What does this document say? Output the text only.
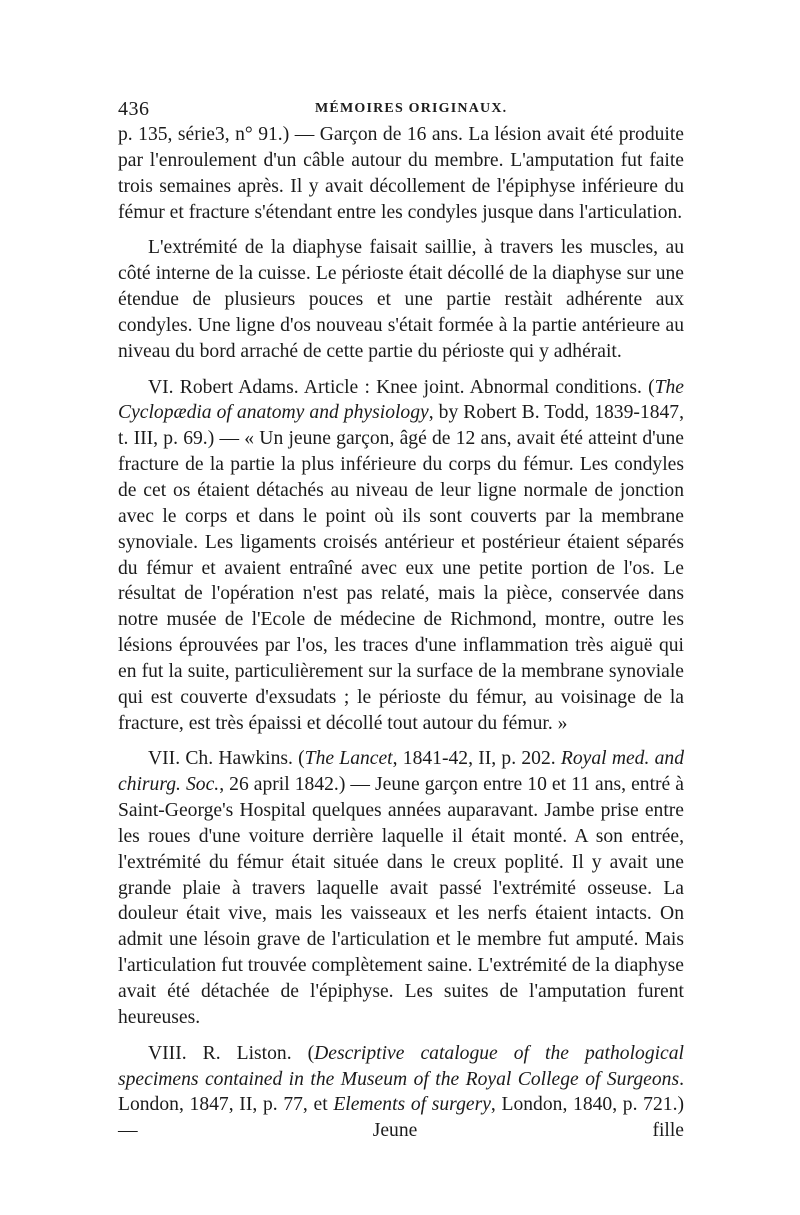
436	MÉMOIRES ORIGINAUX.

p. 135, série3, n° 91.) — Garçon de 16 ans. La lésion avait été produite par l'enroulement d'un câble autour du membre. L'amputation fut faite trois semaines après. Il y avait décollement de l'épiphyse inférieure du fémur et fracture s'étendant entre les condyles jusque dans l'articulation.

L'extrémité de la diaphyse faisait saillie, à travers les muscles, au côté interne de la cuisse. Le périoste était décollé de la diaphyse sur une étendue de plusieurs pouces et une partie restàit adhérente aux condyles. Une ligne d'os nouveau s'était formée à la partie antérieure au niveau du bord arraché de cette partie du périoste qui y adhérait.

VI. Robert Adams. Article : Knee joint. Abnormal conditions. (The Cyclopædia of anatomy and physiology, by Robert B. Todd, 1839-1847, t. III, p. 69.) — « Un jeune garçon, âgé de 12 ans, avait été atteint d'une fracture de la partie la plus inférieure du corps du fémur. Les condyles de cet os étaient détachés au niveau de leur ligne normale de jonction avec le corps et dans le point où ils sont couverts par la membrane synoviale. Les ligaments croisés antérieur et postérieur étaient séparés du fémur et avaient entraîné avec eux une petite portion de l'os. Le résultat de l'opération n'est pas relaté, mais la pièce, conservée dans notre musée de l'Ecole de médecine de Richmond, montre, outre les lésions éprouvées par l'os, les traces d'une inflammation très aiguë qui en fut la suite, particulièrement sur la surface de la membrane synoviale qui est couverte d'exsudats ; le périoste du fémur, au voisinage de la fracture, est très épaissi et décollé tout autour du fémur. »

VII. Ch. Hawkins. (The Lancet, 1841-42, II, p. 202. Royal med. and chirurg. Soc., 26 april 1842.) — Jeune garçon entre 10 et 11 ans, entré à Saint-George's Hospital quelques années auparavant. Jambe prise entre les roues d'une voiture derrière laquelle il était monté. A son entrée, l'extrémité du fémur était située dans le creux poplité. Il y avait une grande plaie à travers laquelle avait passé l'extrémité osseuse. La douleur était vive, mais les vaisseaux et les nerfs étaient intacts. On admit une lésoin grave de l'articulation et le membre fut amputé. Mais l'articulation fut trouvée complètement saine. L'extrémité de la diaphyse avait été détachée de l'épiphyse. Les suites de l'amputation furent heureuses.

VIII. R. Liston. (Descriptive catalogue of the pathological specimens contained in the Museum of the Royal College of Surgeons. London, 1847, II, p. 77, et Elements of surgery, London, 1840, p. 721.) — Jeune fille
